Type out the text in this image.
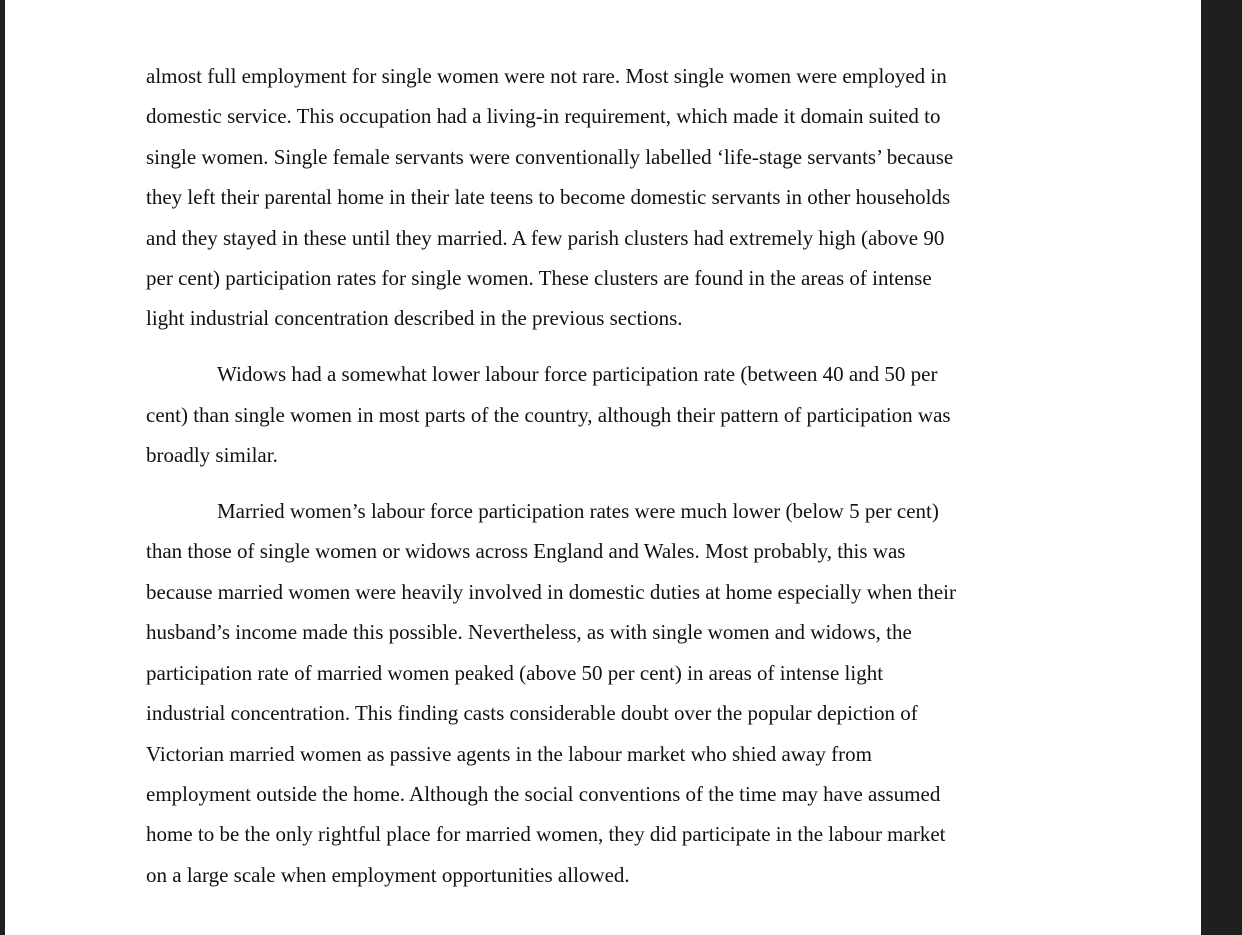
almost full employment for single women were not rare. Most single women were employed in
domestic service. This occupation had a living-in requirement, which made it domain suited to
single women. Single female servants were conventionally labelled ‘life-stage servants’ because
they left their parental home in their late teens to become domestic servants in other households
and they stayed in these until they married. A few parish clusters had extremely high (above 90
per cent) participation rates for single women. These clusters are found in the areas of intense
light industrial concentration described in the previous sections.

Widows had a somewhat lower labour force participation rate (between 40 and 50 per
cent) than single women in most parts of the country, although their pattern of participation was
broadly similar.

Married women’s labour force participation rates were much lower (below 5 per cent)
than those of single women or widows across England and Wales. Most probably, this was
because married women were heavily involved in domestic duties at home especially when their
husband’s income made this possible. Nevertheless, as with single women and widows, the
participation rate of married women peaked (above 50 per cent) in areas of intense light
industrial concentration. This finding casts considerable doubt over the popular depiction of
Victorian married women as passive agents in the labour market who shied away from
employment outside the home. Although the social conventions of the time may have assumed
home to be the only rightful place for married women, they did participate in the labour market
on a large scale when employment opportunities allowed.
